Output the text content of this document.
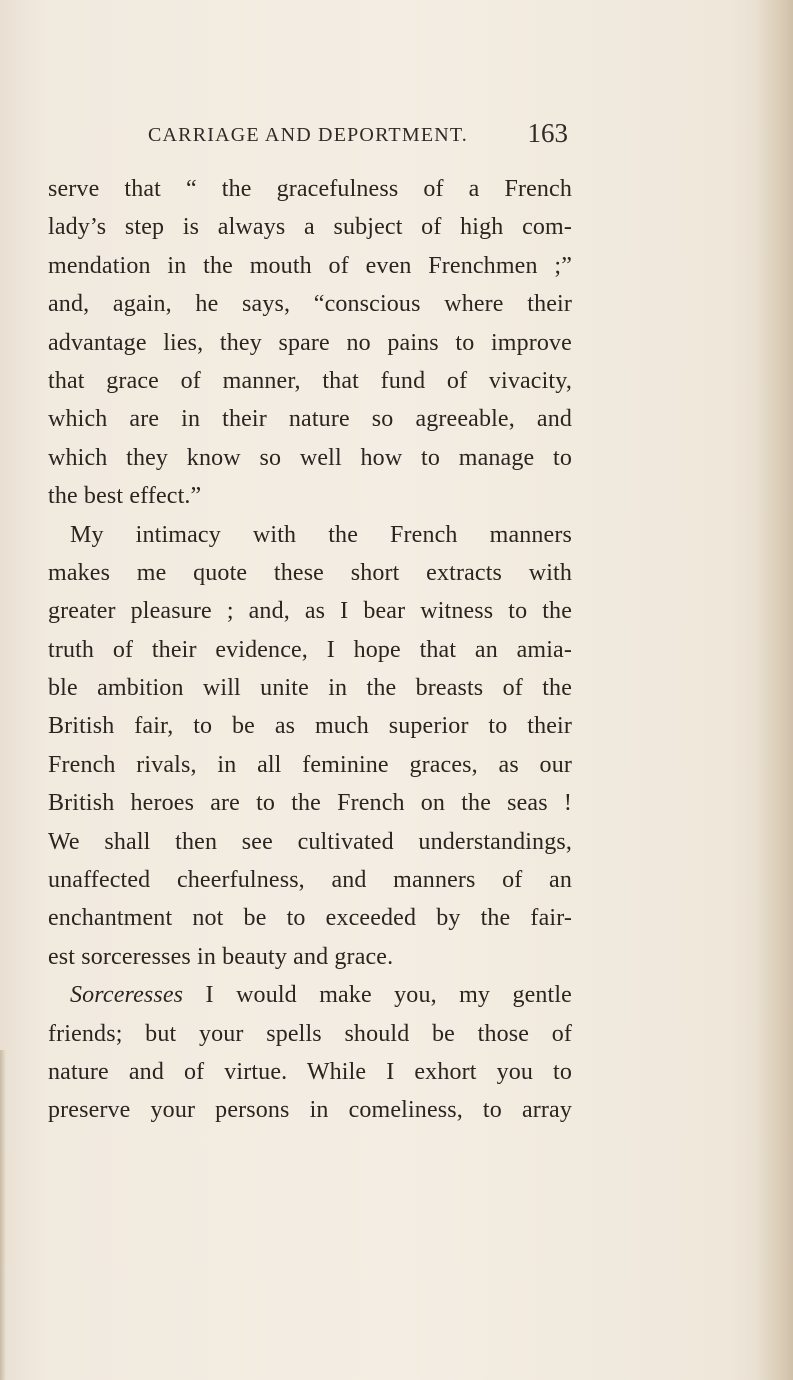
CARRIAGE AND DEPORTMENT. 163
serve that “ the gracefulness of a French
lady’s step is always a subject of high com-
mendation in the mouth of even Frenchmen ;”
and, again, he says, “conscious where their
advantage lies, they spare no pains to improve
that grace of manner, that fund of vivacity,
which are in their nature so agreeable, and
which they know so well how to manage to
the best effect.”
My intimacy with the French manners
makes me quote these short extracts with
greater pleasure ; and, as I bear witness to the
truth of their evidence, I hope that an amia-
ble ambition will unite in the breasts of the
British fair, to be as much superior to their
French rivals, in all feminine graces, as our
British heroes are to the French on the seas !
We shall then see cultivated understandings,
unaffected cheerfulness, and manners of an
enchantment not be to exceeded by the fair-
est sorceresses in beauty and grace.
Sorceresses I would make you, my gentle
friends; but your spells should be those of
nature and of virtue. While I exhort you to
preserve your persons in comeliness, to array
